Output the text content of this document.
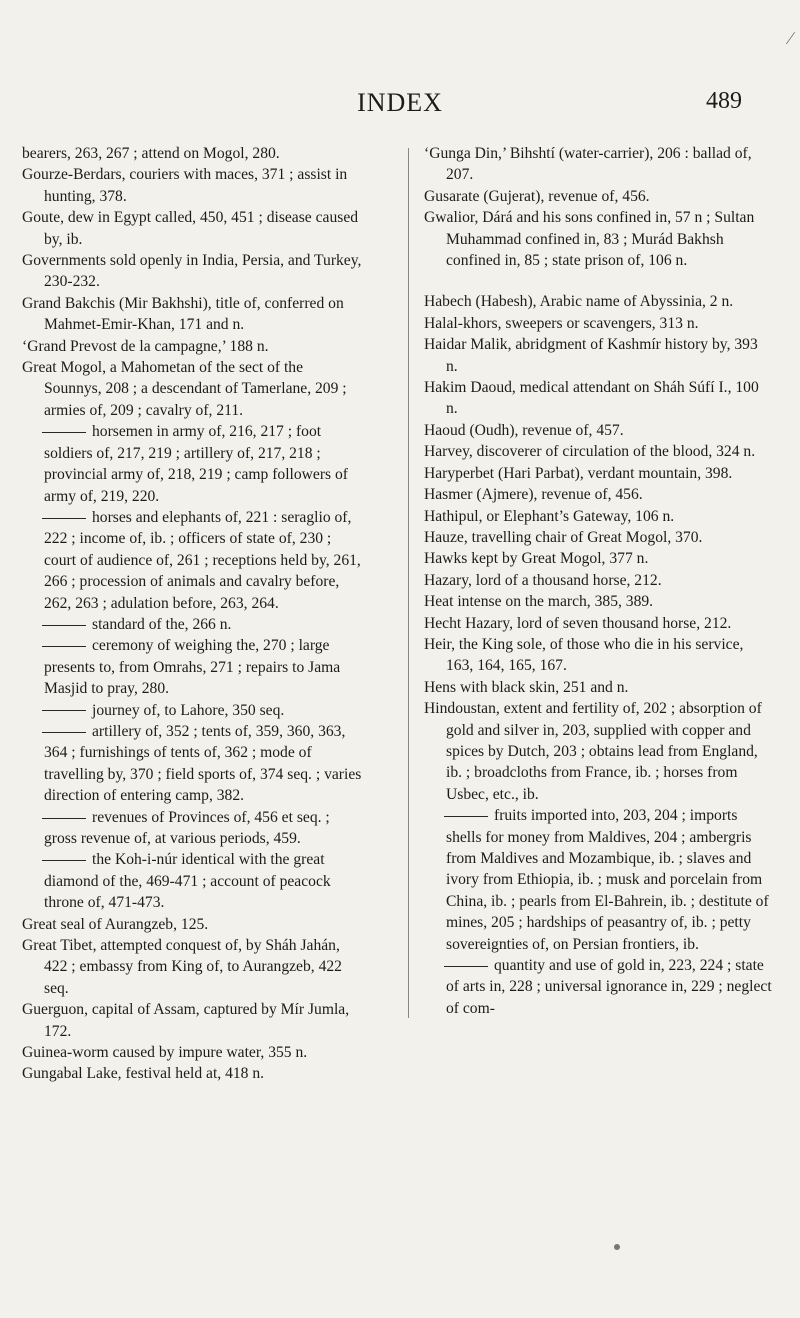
INDEX	489
∕

bearers, 263, 267 ; attend on Mogol, 280.

Gourze-Berdars, couriers with maces, 371 ; assist in hunting, 378.

Goute, dew in Egypt called, 450, 451 ; disease caused by, ib.

Governments sold openly in India, Persia, and Turkey, 230-232.

Grand Bakchis (Mir Bakhshi), title of, conferred on Mahmet-Emir-Khan, 171 and n.

‘Grand Prevost de la campagne,’ 188 n.

Great Mogol, a Mahometan of the sect of the Sounnys, 208 ; a descendant of Tamerlane, 209 ; armies of, 209 ; cavalry of, 211.

horsemen in army of, 216, 217 ; foot soldiers of, 217, 219 ; artillery of, 217, 218 ; provincial army of, 218, 219 ; camp followers of army of, 219, 220.

horses and elephants of, 221 : seraglio of, 222 ; income of, ib. ; officers of state of, 230 ; court of audience of, 261 ; receptions held by, 261, 266 ; procession of animals and cavalry before, 262, 263 ; adulation before, 263, 264.

standard of the, 266 n.

ceremony of weighing the, 270 ; large presents to, from Omrahs, 271 ; repairs to Jama Masjid to pray, 280.

journey of, to Lahore, 350 seq.

artillery of, 352 ; tents of, 359, 360, 363, 364 ; furnishings of tents of, 362 ; mode of travelling by, 370 ; field sports of, 374 seq. ; varies direction of entering camp, 382.

revenues of Provinces of, 456 et seq. ; gross revenue of, at various periods, 459.

the Koh-i-núr identical with the great diamond of the, 469-471 ; account of peacock throne of, 471-473.

Great seal of Aurangzeb, 125.

Great Tibet, attempted conquest of, by Sháh Jahán, 422 ; embassy from King of, to Aurangzeb, 422 seq.

Guerguon, capital of Assam, captured by Mír Jumla, 172.

Guinea-worm caused by impure water, 355 n.

Gungabal Lake, festival held at, 418 n.

‘Gunga Din,’ Bihshtí (water-carrier), 206 : ballad of, 207.

Gusarate (Gujerat), revenue of, 456.

Gwalior, Dárá and his sons confined in, 57 n ; Sultan Muhammad confined in, 83 ; Murád Bakhsh confined in, 85 ; state prison of, 106 n.

Habech (Habesh), Arabic name of Abyssinia, 2 n.

Halal-khors, sweepers or scavengers, 313 n.

Haidar Malik, abridgment of Kashmír history by, 393 n.

Hakim Daoud, medical attendant on Sháh Súfí I., 100 n.

Haoud (Oudh), revenue of, 457.

Harvey, discoverer of circulation of the blood, 324 n.

Haryperbet (Hari Parbat), verdant mountain, 398.

Hasmer (Ajmere), revenue of, 456.

Hathipul, or Elephant’s Gateway, 106 n.

Hauze, travelling chair of Great Mogol, 370.

Hawks kept by Great Mogol, 377 n.

Hazary, lord of a thousand horse, 212.

Heat intense on the march, 385, 389.

Hecht Hazary, lord of seven thousand horse, 212.

Heir, the King sole, of those who die in his service, 163, 164, 165, 167.

Hens with black skin, 251 and n.

Hindoustan, extent and fertility of, 202 ; absorption of gold and silver in, 203, supplied with copper and spices by Dutch, 203 ; obtains lead from England, ib. ; broadcloths from France, ib. ; horses from Usbec, etc., ib.

fruits imported into, 203, 204 ; imports shells for money from Maldives, 204 ; ambergris from Maldives and Mozambique, ib. ; slaves and ivory from Ethiopia, ib. ; musk and porcelain from China, ib. ; pearls from El-Bahrein, ib. ; destitute of mines, 205 ; hardships of peasantry of, ib. ; petty sovereignties of, on Persian frontiers, ib.

quantity and use of gold in, 223, 224 ; state of arts in, 228 ; universal ignorance in, 229 ; neglect of com-
